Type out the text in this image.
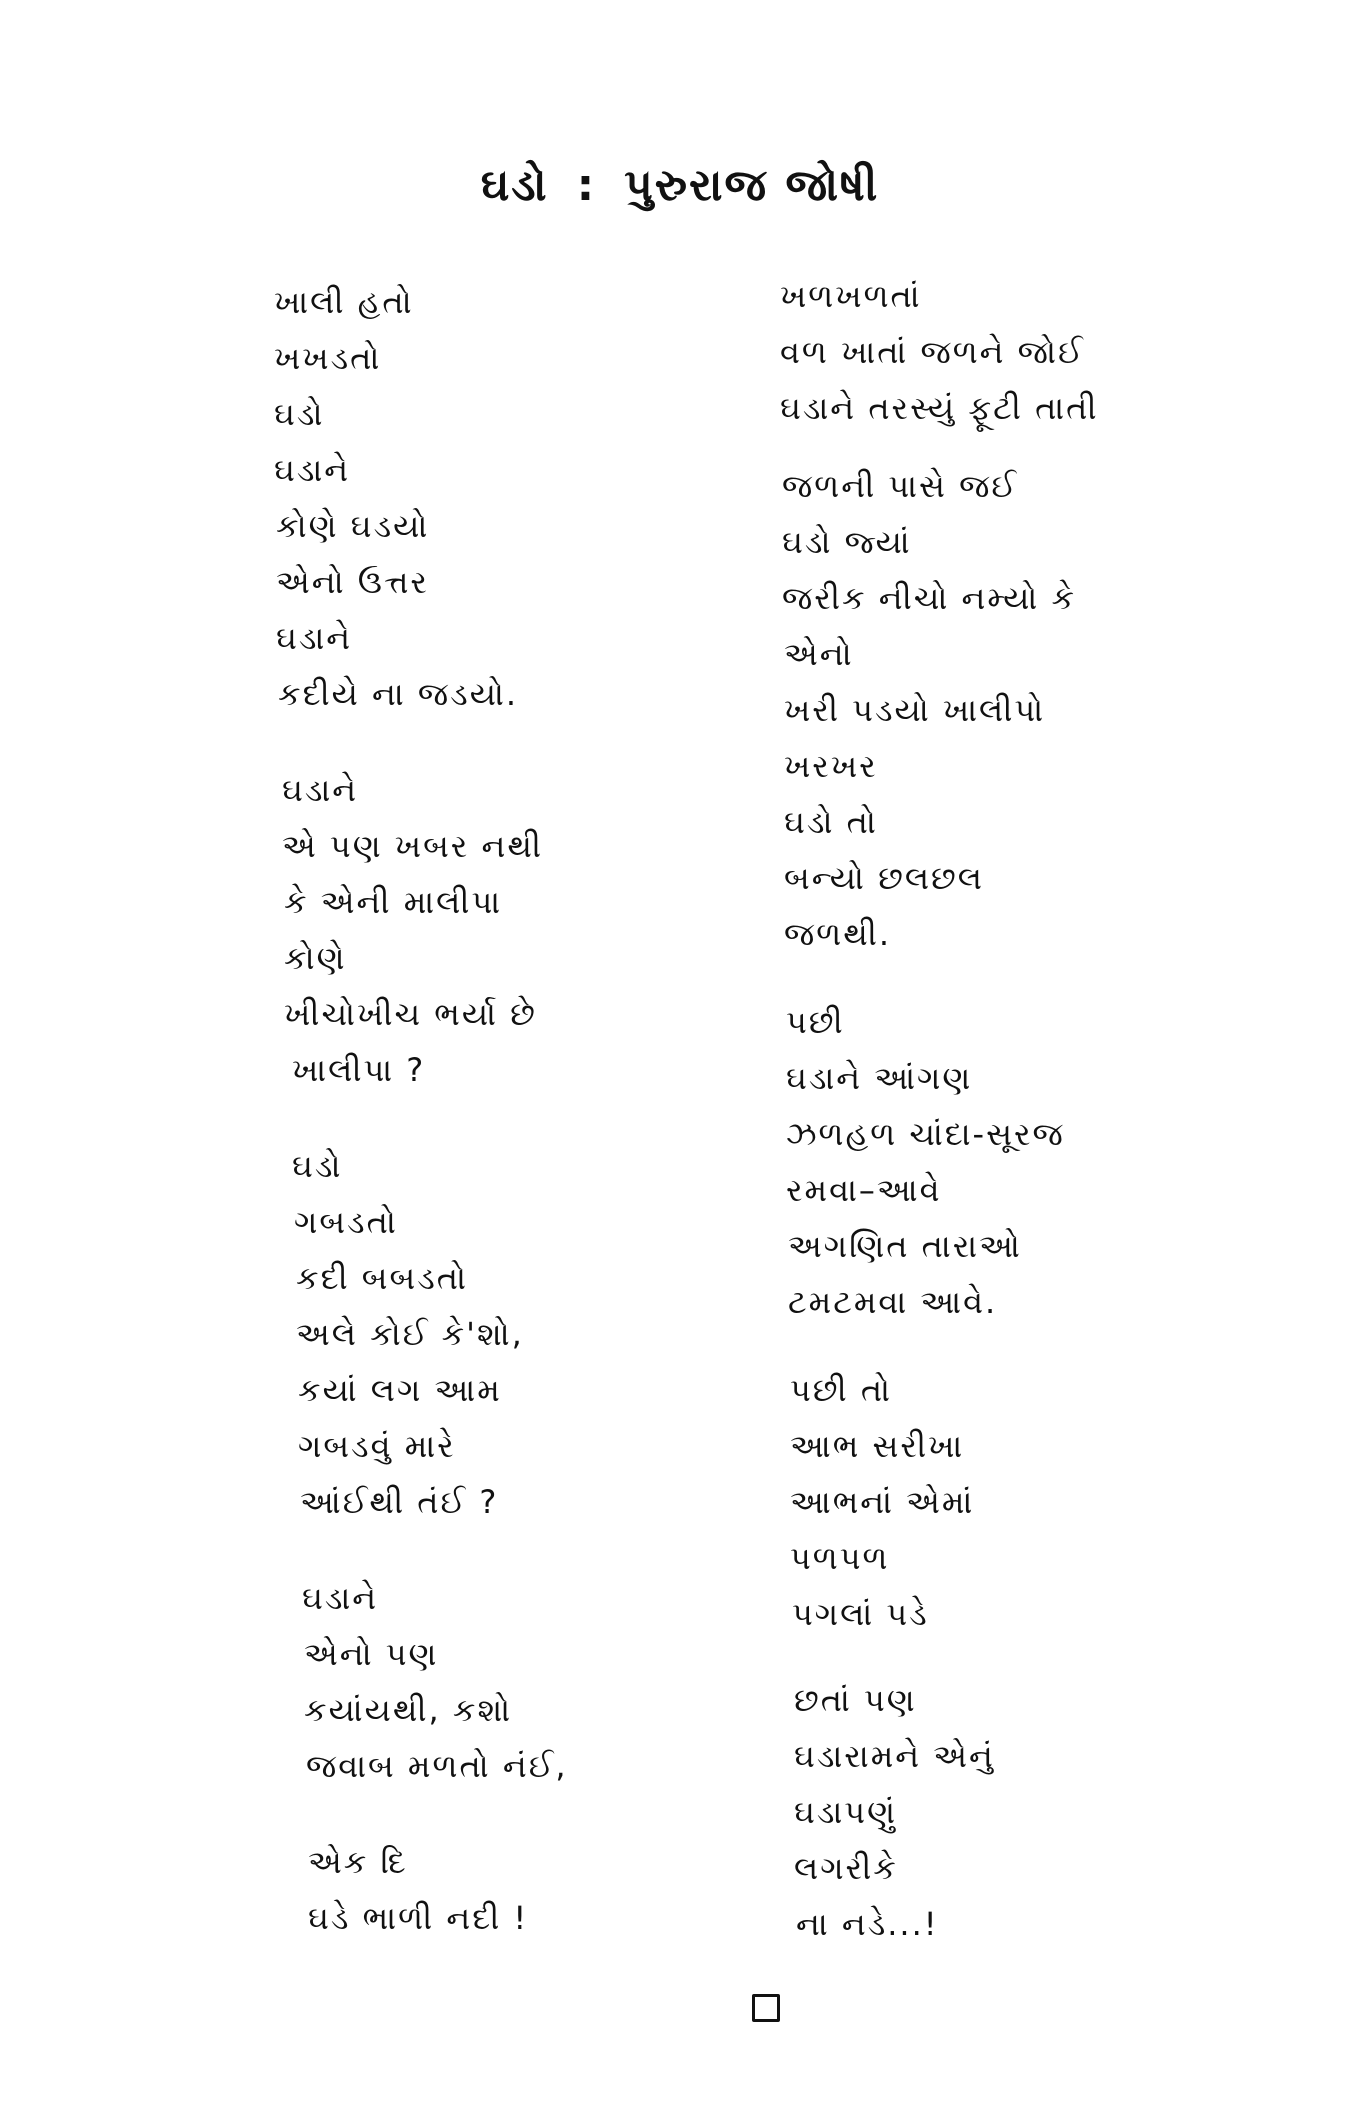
ઘડો : પુરુરાજ જોષી
ખાલી હતો
ખખડતો
ઘડો
ઘડાને
કોણે ઘડયો
એનો ઉત્તર
ઘડાને
કદીયે ના જડયો.
ઘડાને
એ પણ ખબર નથી
કે એની માલીપા
કોણે
ખીચોખીચ ભર્યા છે
ખાલીપા ?
ઘડો
ગબડતો
કદી બબડતો
અલે કોઈ કે'શો,
કયાં લગ આમ
ગબડવું મારે
આંઈથી તંઈ ?
ઘડાને
એનો પણ
કયાંયથી, કશો
જવાબ મળતો નંઈ,
એક દિ
ઘડે ભાળી નદી !
ખળખળતાં
વળ ખાતાં જળને જોઈ
ઘડાને તરસ્યું ફૂટી તાતી
જળની પાસે જઈ
ઘડો જ્યાં
જરીક નીચો નમ્યો કે
એનો
ખરી પડયો ખાલીપો
ખરખર
ઘડો તો
બન્યો છલછલ
જળથી.
પછી
ઘડાને આંગણ
ઝળહળ ચાંદા-સૂરજ
રમવા–આવે
અગણિત તારાઓ
ટમટમવા આવે.
પછી તો
આભ સરીખા
આભનાં એમાં
પળપળ
પગલાં પડે
છતાં પણ
ઘડારામને એનું
ઘડાપણું
લગરીકે
ના નડે...!
